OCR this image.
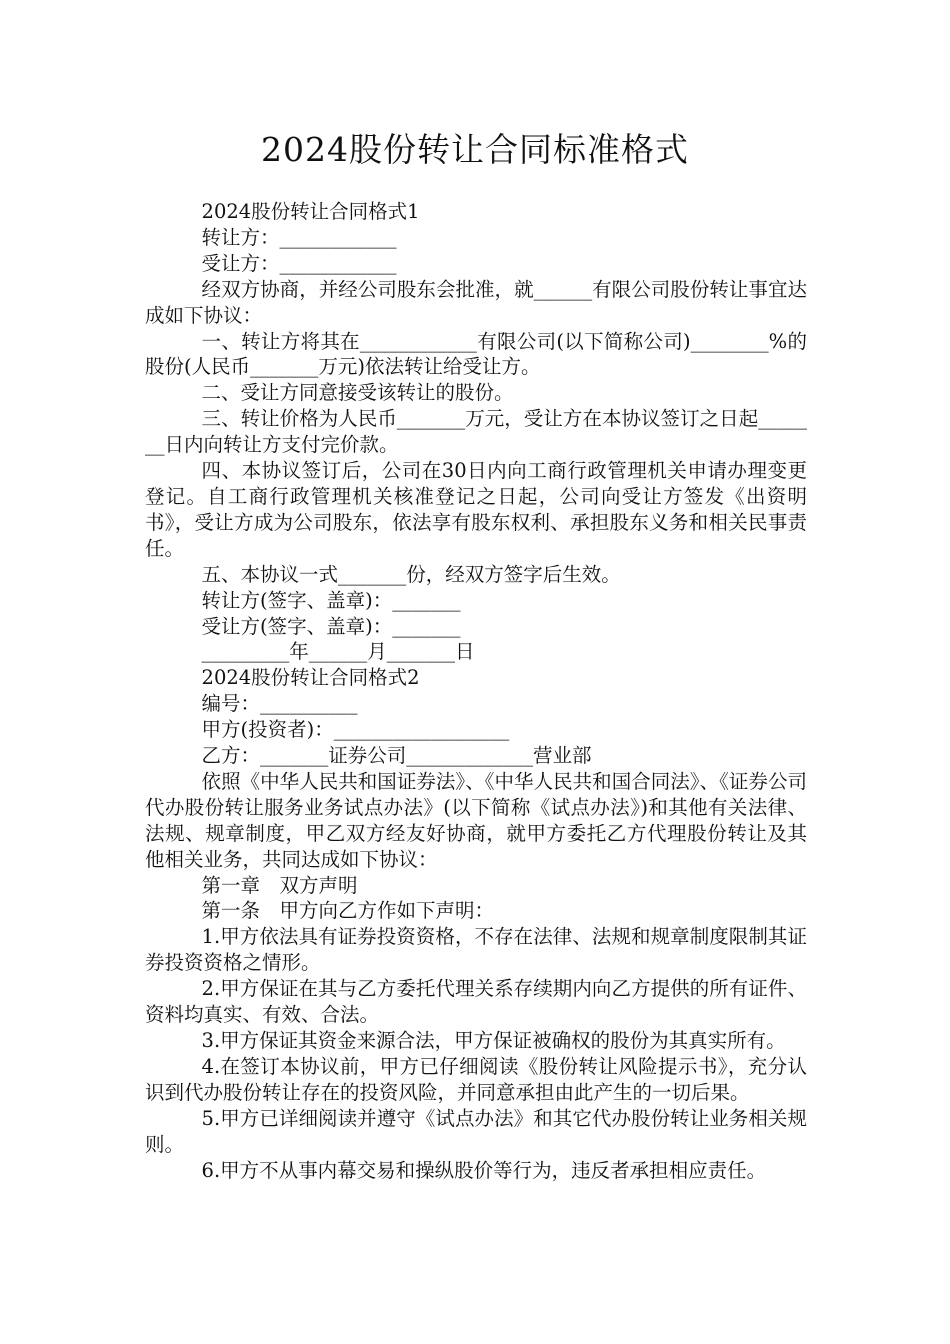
2024股份转让合同标准格式

2024股份转让合同格式1

转让方：____________

受让方：____________

经双方协商，并经公司股东会批准，就______有限公司股份转让事宜达成如下协议：

一、转让方将其在____________有限公司(以下简称公司)________%的股份(人民币_______万元)依法转让给受让方。

二、受让方同意接受该转让的股份。

三、转让价格为人民币_______万元，受让方在本协议签订之日起_______日内向转让方支付完价款。

四、本协议签订后，公司在30日内向工商行政管理机关申请办理变更登记。自工商行政管理机关核准登记之日起，公司向受让方签发《出资明书》，受让方成为公司股东，依法享有股东权利、承担股东义务和相关民事责任。

五、本协议一式_______份，经双方签字后生效。

转让方(签字、盖章)：_______

受让方(签字、盖章)：_______

_________年______月_______日

2024股份转让合同格式2

编号：__________

甲方(投资者)：__________________

乙方：_______证券公司_____________营业部

依照《中华人民共和国证券法》、《中华人民共和国合同法》、《证券公司代办股份转让服务业务试点办法》(以下简称《试点办法》)和其他有关法律、法规、规章制度，甲乙双方经友好协商，就甲方委托乙方代理股份转让及其他相关业务，共同达成如下协议：

第一章　双方声明

第一条　甲方向乙方作如下声明：

1.甲方依法具有证券投资资格，不存在法律、法规和规章制度限制其证券投资资格之情形。

2.甲方保证在其与乙方委托代理关系存续期内向乙方提供的所有证件、资料均真实、有效、合法。

3.甲方保证其资金来源合法，甲方保证被确权的股份为其真实所有。

4.在签订本协议前，甲方已仔细阅读《股份转让风险提示书》，充分认识到代办股份转让存在的投资风险，并同意承担由此产生的一切后果。

5.甲方已详细阅读并遵守《试点办法》和其它代办股份转让业务相关规则。

6.甲方不从事内幕交易和操纵股价等行为，违反者承担相应责任。
